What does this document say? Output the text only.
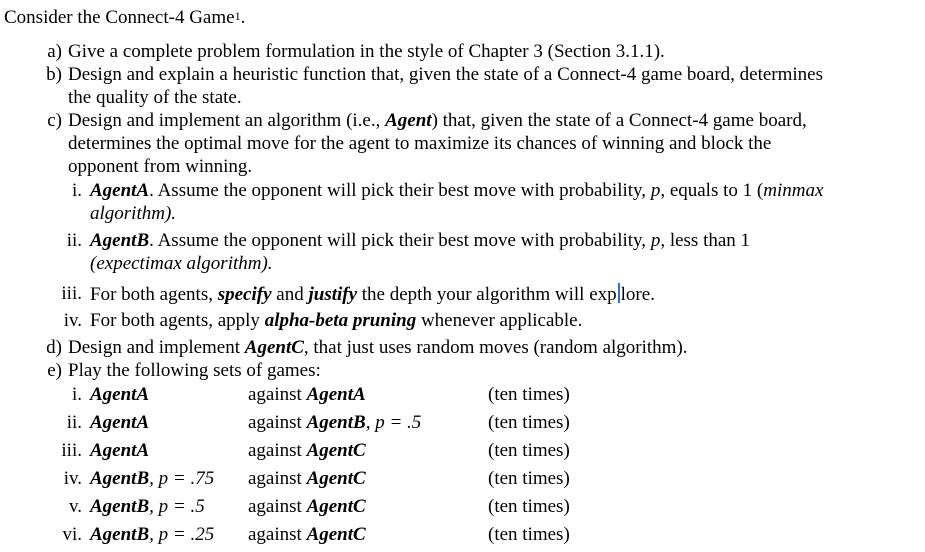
Consider the Connect-4 Game$^1$.
a) Give a complete problem formulation in the style of Chapter 3 (Section 3.1.1).
b) Design and explain a heuristic function that, given the state of a Connect-4 game board, determines
the quality of the state.
c) Design and implement an algorithm (i.e., Agent) that, given the state of a Connect-4 game board,
determines the optimal move for the agent to maximize its chances of winning and block the
opponent from winning.
i. AgentA. Assume the opponent will pick their best move with probability, p, equals to 1 (minmax
algorithm).
ii. AgentB. Assume the opponent will pick their best move with probability, p, less than 1
(expectimax algorithm).
iii. For both agents, specify and justify the depth your algorithm will exp lore.
iv. For both agents, apply alpha-beta pruning whenever applicable.
d) Design and implement AgentC, that just uses random moves (random algorithm).
e) Play the following sets of games:
i. AgentA	against AgentA	(ten times)
ii. AgentA	against AgentB, p = .5	(ten times)
iii. AgentA	against AgentC	(ten times)
iv. AgentB, p = .75 against AgentC	(ten times)
v. AgentB, p = .5 against AgentC	(ten times)
vi. AgentB, p = .25 against AgentC	(ten times)
